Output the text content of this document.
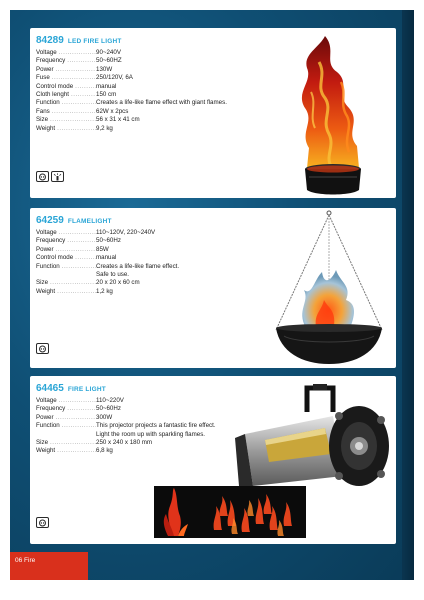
84289 LED FIRE LIGHT
Voltage .....	90~240V
Frequency .....	50~60HZ
Power .....	130W
Fuse .....	250/120V, 6A
Control mode .....	manual
Cloth lenght .....	150 cm
Function .....	Creates a life-like flame effect with giant flames.
Fans .....	62W x 2pcs
Size .....	56 x 31 x 41 cm
Weight .....	9,2 kg
64259 FLAMELIGHT
Voltage .....	110~120V, 220~240V
Frequency .....	50~60Hz
Power .....	85W
Control mode .....	manual
Function .....	Creates a life-like flame effect.
Safe to use.
Size .....	20 x 20 x 60 cm
Weight .....	1,2 kg
64465 FIRE LIGHT
Voltage .....	110~220V
Frequency .....	50~60Hz
Power .....	300W
Function .....	This projector projects a fantastic fire effect.
Light the room up with sparkling flames.
Size .....	250 x 240 x 180 mm
Weight .....	6,8 kg
06 Fire
